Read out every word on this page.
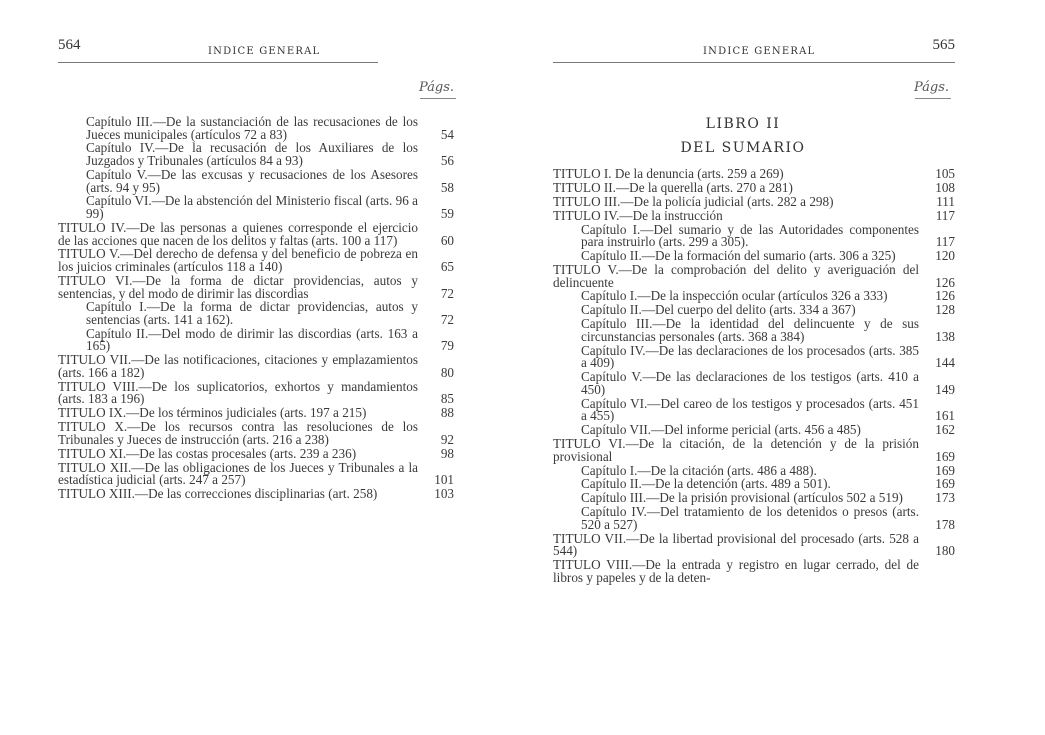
564	INDICE GENERAL
Págs.
Capítulo III.—De la sustanciación de las recusaciones de los Jueces municipales (artículos 72 a 83)	54
Capítulo IV.—De la recusación de los Auxiliares de los Juzgados y Tribunales (artículos 84 a 93)	56
Capítulo V.—De las excusas y recusaciones de los Asesores (arts. 94 y 95)	58
Capítulo VI.—De la abstención del Ministerio fiscal (arts. 96 a 99)	59
TITULO IV.—De las personas a quienes corresponde el ejercicio de las acciones que nacen de los delitos y faltas (arts. 100 a 117)	60
TITULO V.—Del derecho de defensa y del beneficio de pobreza en los juicios criminales (artículos 118 a 140)	65
TITULO VI.—De la forma de dictar providencias, autos y sentencias, y del modo de dirimir las discordias	72
Capítulo I.—De la forma de dictar providencias, autos y sentencias (arts. 141 a 162).	72
Capítulo II.—Del modo de dirimir las discordias (arts. 163 a 165)	79
TITULO VII.—De las notificaciones, citaciones y emplazamientos (arts. 166 a 182)	80
TITULO VIII.—De los suplicatorios, exhortos y mandamientos (arts. 183 a 196)	85
TITULO IX.—De los términos judiciales (arts. 197 a 215)	88
TITULO X.—De los recursos contra las resoluciones de los Tribunales y Jueces de instrucción (arts. 216 a 238)	92
TITULO XI.—De las costas procesales (arts. 239 a 236)	98
TITULO XII.—De las obligaciones de los Jueces y Tribunales a la estadística judicial (arts. 247 a 257)	101
TITULO XIII.—De las correcciones disciplinarias (art. 258)	103
INDICE GENERAL	565
Págs.
LIBRO II
DEL SUMARIO
TITULO I. De la denuncia (arts. 259 a 269)	105
TITULO II.—De la querella (arts. 270 a 281)	108
TITULO III.—De la policía judicial (arts. 282 a 298)	111
TITULO IV.—De la instrucción	117
Capítulo I.—Del sumario y de las Autoridades componentes para instruirlo (arts. 299 a 305).	117
Capítulo II.—De la formación del sumario (arts. 306 a 325)	120
TITULO V.—De la comprobación del delito y averiguación del delincuente	126
Capítulo I.—De la inspección ocular (artículos 326 a 333)	126
Capítulo II.—Del cuerpo del delito (arts. 334 a 367)	128
Capítulo III.—De la identidad del delincuente y de sus circunstancias personales (arts. 368 a 384)	138
Capítulo IV.—De las declaraciones de los procesados (arts. 385 a 409)	144
Capítulo V.—De las declaraciones de los testigos (arts. 410 a 450)	149
Capítulo VI.—Del careo de los testigos y procesados (arts. 451 a 455)	161
Capítulo VII.—Del informe pericial (arts. 456 a 485)	162
TITULO VI.—De la citación, de la detención y de la prisión provisional	169
Capítulo I.—De la citación (arts. 486 a 488).	169
Capítulo II.—De la detención (arts. 489 a 501).	169
Capítulo III.—De la prisión provisional (artículos 502 a 519)	173
Capítulo IV.—Del tratamiento de los detenidos o presos (arts. 520 a 527)	178
TITULO VII.—De la libertad provisional del procesado (arts. 528 a 544)	180
TITULO VIII.—De la entrada y registro en lugar cerrado, del de libros y papeles y de la deten-
